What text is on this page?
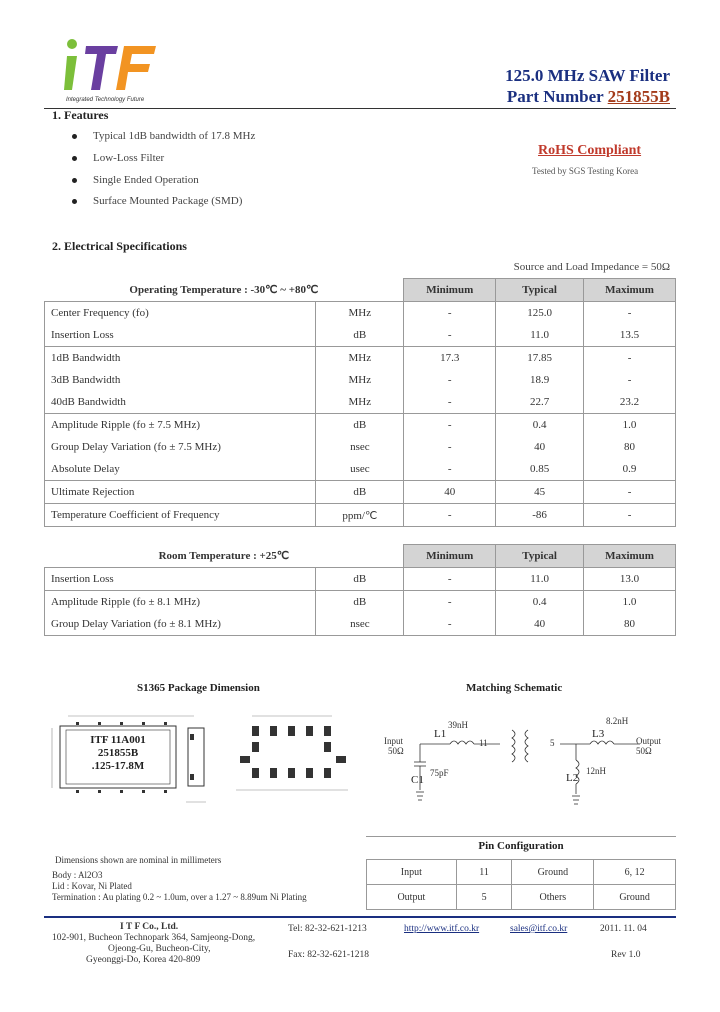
Integrated Technology Future
125.0 MHz SAW Filter
Part Number 251855B
1. Features
Typical 1dB bandwidth of 17.8 MHz
Low-Loss Filter
Single Ended Operation
Surface Mounted Package (SMD)
RoHS Compliant
Tested by SGS Testing Korea
2. Electrical Specifications
Source and Load Impedance = 50Ω
Operating Temperature : -30℃ ~ +80℃		Minimum	Typical	Maximum
Center Frequency (fo)	MHz	-	125.0	-
Insertion Loss	dB	-	11.0	13.5
1dB Bandwidth	MHz	17.3	17.85	-
3dB Bandwidth	MHz	-	18.9	-
40dB Bandwidth	MHz	-	22.7	23.2
Amplitude Ripple (fo ± 7.5 MHz)	dB	-	0.4	1.0
Group Delay Variation (fo ± 7.5 MHz)	nsec	-	40	80
Absolute Delay	usec	-	0.85	0.9
Ultimate Rejection	dB	40	45	-
Temperature Coefficient of Frequency	ppm/℃	-	-86	-
Room Temperature : +25℃		Minimum	Typical	Maximum
Insertion Loss	dB	-	11.0	13.0
Amplitude Ripple (fo ± 8.1 MHz)	dB	-	0.4	1.0
Group Delay Variation (fo ± 8.1 MHz)	nsec	-	40	80
S1365 Package Dimension
ITF 11A001
251855B
.125-17.8M
Dimensions shown are nominal in millimeters
Body : Al2O3
Lid : Kovar, Ni Plated
Termination : Au plating 0.2 ~ 1.0um, over a 1.27 ~ 8.89um Ni Plating
Matching Schematic
Input
50Ω
L1
39nH
C1
75pF
11	5
L3
8.2nH
L2
12nH
Output
50Ω
Pin Configuration
Input	11	Ground	6, 12
Output	5	Others	Ground
I T F Co., Ltd.
102-901, Bucheon Technopark 364, Samjeong-Dong,
Ojeong-Gu, Bucheon-City,
Gyeonggi-Do, Korea 420-809
Tel: 82-32-621-1213
Fax: 82-32-621-1218
http://www.itf.co.kr	sales@itf.co.kr	2011. 11. 04
Rev 1.0
